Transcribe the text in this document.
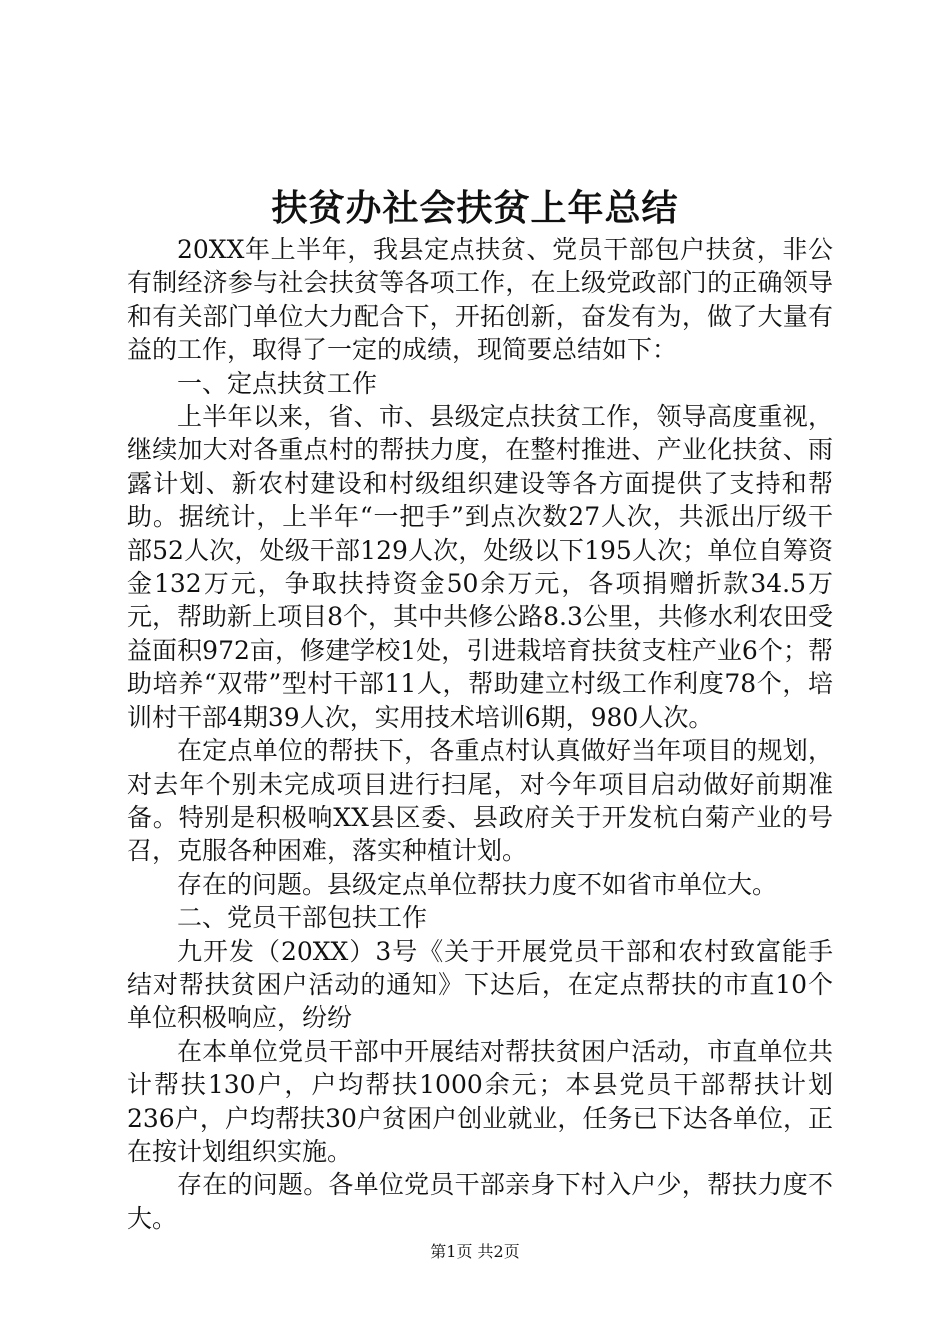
扶贫办社会扶贫上年总结

20XX年上半年，我县定点扶贫、党员干部包户扶贫，非公有制经济参与社会扶贫等各项工作，在上级党政部门的正确领导和有关部门单位大力配合下，开拓创新，奋发有为，做了大量有益的工作，取得了一定的成绩，现简要总结如下：

一、定点扶贫工作

上半年以来，省、市、县级定点扶贫工作，领导高度重视，继续加大对各重点村的帮扶力度，在整村推进、产业化扶贫、雨露计划、新农村建设和村级组织建设等各方面提供了支持和帮助。据统计，上半年“一把手”到点次数27人次，共派出厅级干部52人次，处级干部129人次，处级以下195人次；单位自筹资金132万元，争取扶持资金50余万元，各项捐赠折款34.5万元，帮助新上项目8个，其中共修公路8.3公里，共修水利农田受益面积972亩，修建学校1处，引进栽培育扶贫支柱产业6个；帮助培养“双带”型村干部11人，帮助建立村级工作利度78个，培训村干部4期39人次，实用技术培训6期，980人次。

在定点单位的帮扶下，各重点村认真做好当年项目的规划，对去年个别未完成项目进行扫尾，对今年项目启动做好前期准备。特别是积极响XX县区委、县政府关于开发杭白菊产业的号召，克服各种困难，落实种植计划。

存在的问题。县级定点单位帮扶力度不如省市单位大。

二、党员干部包扶工作

九开发（20XX）3号《关于开展党员干部和农村致富能手结对帮扶贫困户活动的通知》下达后，在定点帮扶的市直10个单位积极响应，纷纷

在本单位党员干部中开展结对帮扶贫困户活动，市直单位共计帮扶130户，户均帮扶1000余元；本县党员干部帮扶计划236户，户均帮扶30户贫困户创业就业，任务已下达各单位，正在按计划组织实施。

存在的问题。各单位党员干部亲身下村入户少，帮扶力度不大。

第1页 共2页
